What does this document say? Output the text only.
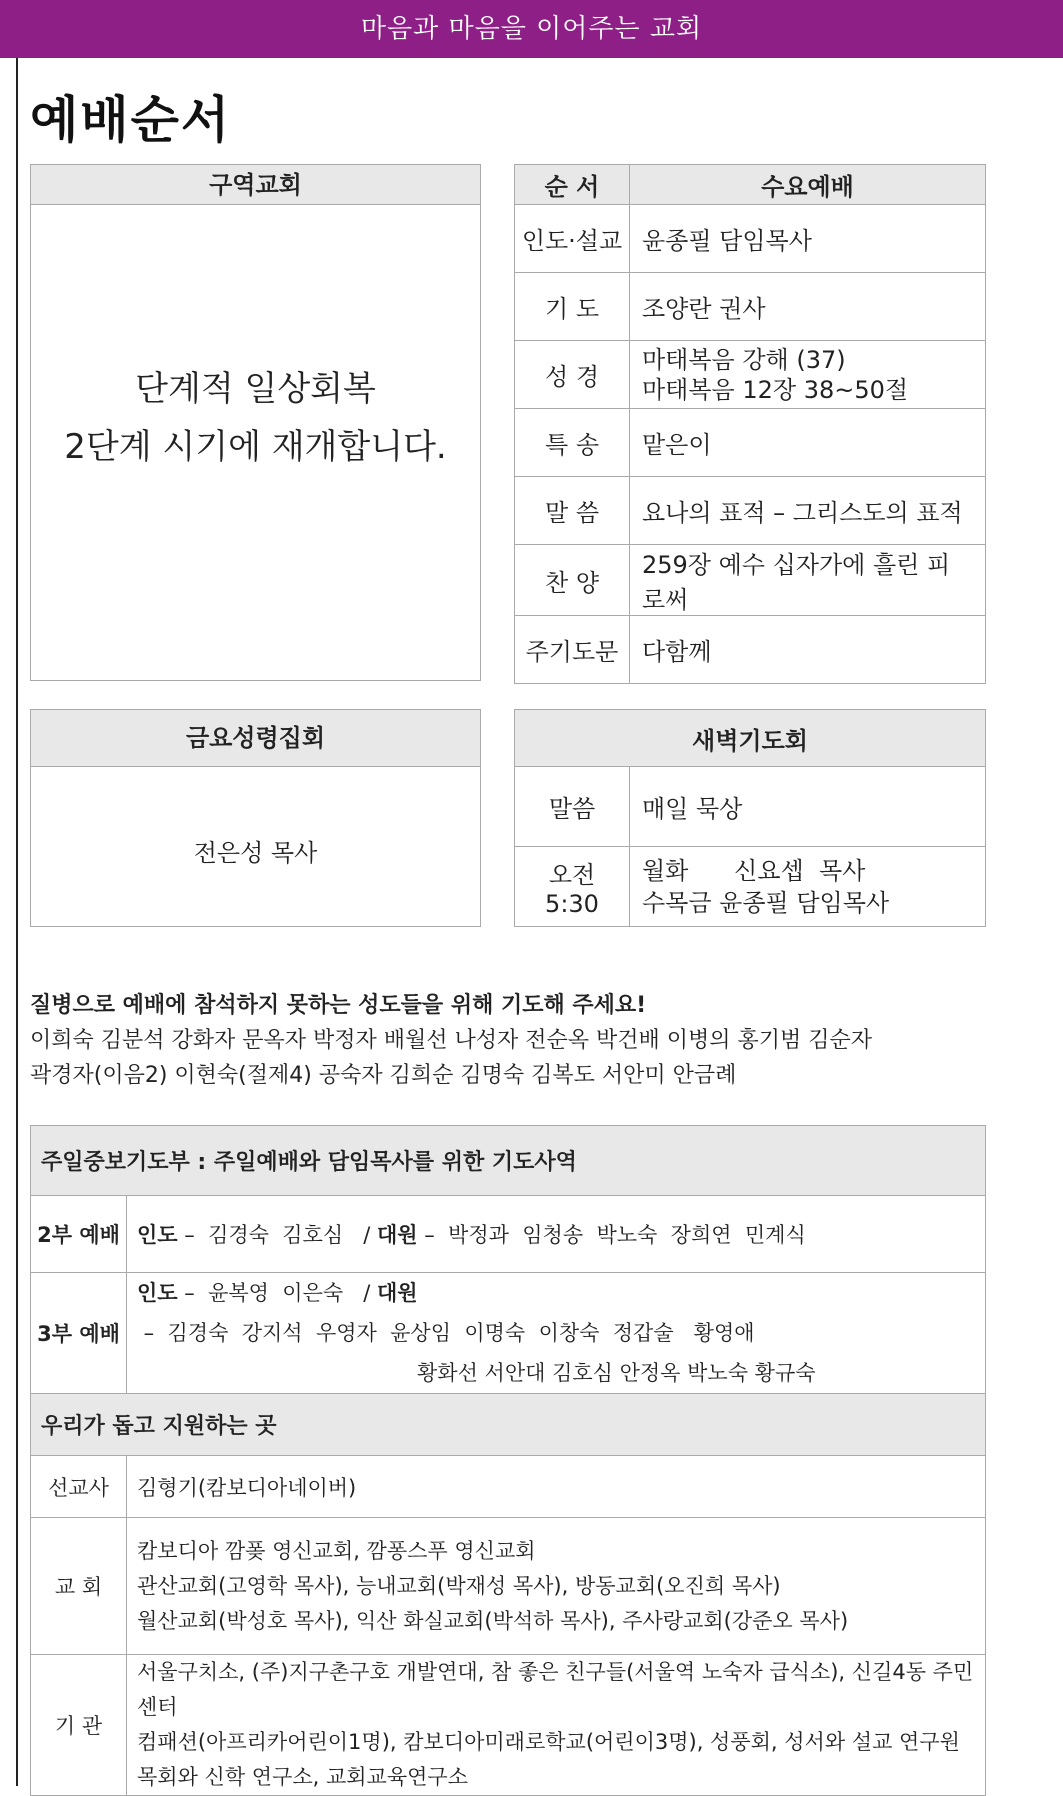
마음과 마음을 이어주는 교회
예배순서
구역교회
단계적 일상회복
2단계 시기에 재개합니다.
순 서	수요예배
인도·설교	윤종필 담임목사
기 도	조양란 권사
성 경	마태복음 강해 (37)
마태복음 12장 38~50절

특 송	맡은이
말 씀	요나의 표적 – 그리스도의 표적
찬 양	259장 예수 십자가에 흘린 피로써
주기도문	다함께
금요성령집회
전은성 목사
새벽기도회	
말씀	매일 묵상
오전 5:30	월화      신요셉  목사
수목금 윤종필 담임목사
질병으로 예배에 참석하지 못하는 성도들을 위해 기도해 주세요!
이희숙 김분석 강화자 문옥자 박정자 배월선 나성자 전순옥 박건배 이병의 홍기범 김순자
곽경자(이음2) 이현숙(절제4) 공숙자 김희순 김명숙 김복도 서안미 안금례
주일중보기도부 : 주일예배와 담임목사를 위한 기도사역	
2부 예배	인도 –  김경숙  김호심   / 대원 –  박정과  임청송  박노숙  장희연  민계식
3부 예배	인도 –  윤복영  이은숙   / 대원 –  김경숙  강지석  우영자  윤상임  이명숙  이창숙  정갑술   황영애
황화선 서안대 김호심 안정옥 박노숙 황규숙

우리가 돕고 지원하는 곳	
선교사	김형기(캄보디아네이버)
교 회	캄보디아 깜퐂 영신교회, 깜퐁스푸 영신교회
관산교회(고영학 목사), 능내교회(박재성 목사), 방동교회(오진희 목사)
월산교회(박성호 목사), 익산 화실교회(박석하 목사), 주사랑교회(강준오 목사)

기 관	서울구치소, (주)지구촌구호 개발연대, 참 좋은 친구들(서울역 노숙자 급식소), 신길4동 주민센터
컴패션(아프리카어린이1명), 캄보디아미래로학교(어린이3명), 성풍회, 성서와 설교 연구원
목회와 신학 연구소, 교회교육연구소
